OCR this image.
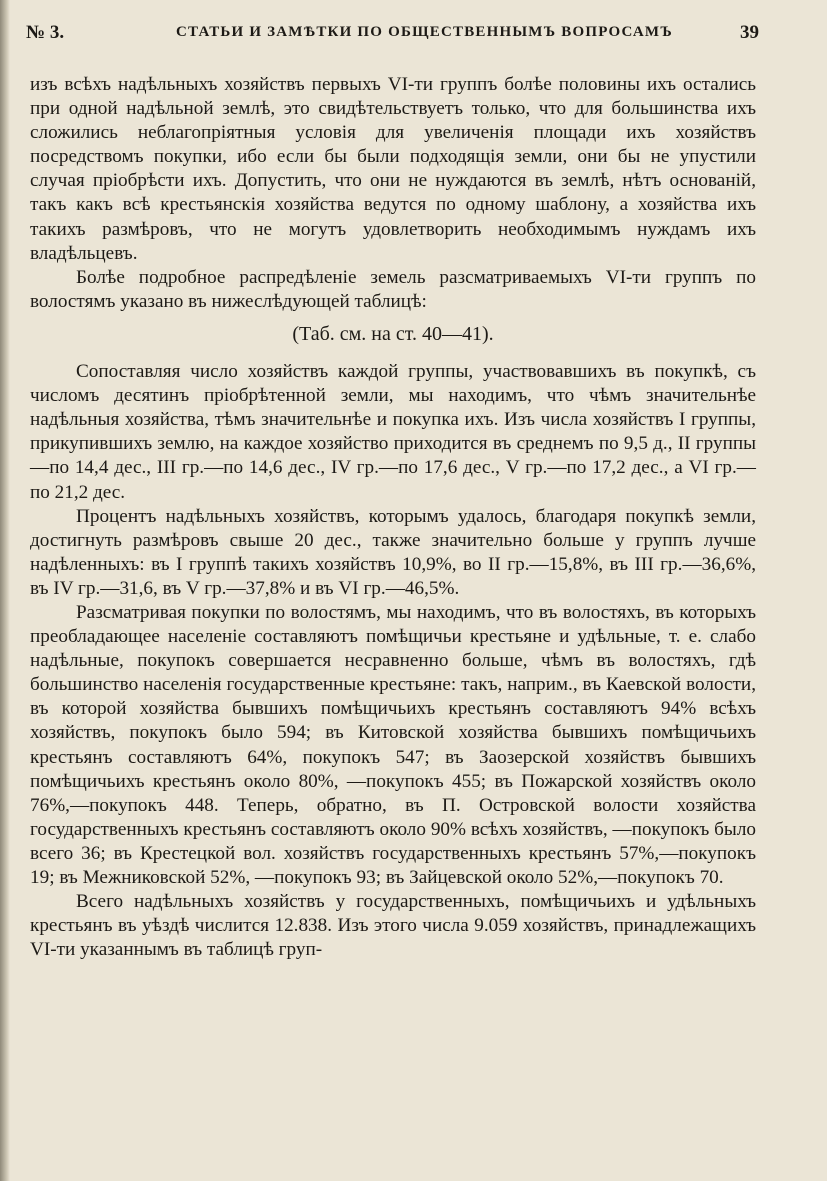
№ 3.	СТАТЬИ И ЗАМѢТКИ ПО ОБЩЕСТВЕННЫМЪ ВОПРОСАМЪ	39

изъ всѣхъ надѣльныхъ хозяйствъ первыхъ VI-ти группъ болѣе половины ихъ остались при одной надѣльной землѣ, это свидѣтельствуетъ только, что для большинства ихъ сложились неблагопріятныя условія для увеличенія площади ихъ хозяйствъ посредствомъ покупки, ибо если бы были подходящія земли, они бы не упустили случая пріобрѣсти ихъ. Допустить, что они не нуждаются въ землѣ, нѣтъ основаній, такъ какъ всѣ крестьянскія хозяйства ведутся по одному шаблону, а хозяйства ихъ такихъ размѣровъ, что не могутъ удовлетворить необходимымъ нуждамъ ихъ владѣльцевъ.

Болѣе подробное распредѣленіе земель разсматриваемыхъ VI-ти группъ по волостямъ указано въ нижеслѣдующей таблицѣ:

(Таб. см. на ст. 40—41).

Сопоставляя число хозяйствъ каждой группы, участвовавшихъ въ покупкѣ, съ числомъ десятинъ пріобрѣтенной земли, мы находимъ, что чѣмъ значительнѣе надѣльныя хозяйства, тѣмъ значительнѣе и покупка ихъ. Изъ числа хозяйствъ I группы, прикупившихъ землю, на каждое хозяйство приходится въ среднемъ по 9,5 д., II группы—по 14,4 дес., III гр.—по 14,6 дес., IV гр.—по 17,6 дес., V гр.—по 17,2 дес., а VI гр.—по 21,2 дес.

Процентъ надѣльныхъ хозяйствъ, которымъ удалось, благодаря покупкѣ земли, достигнуть размѣровъ свыше 20 дес., также значительно больше у группъ лучше надѣленныхъ: въ I группѣ такихъ хозяйствъ 10,9%, во II гр.—15,8%, въ III гр.—36,6%, въ IV гр.—31,6, въ V гр.—37,8% и въ VI гр.—46,5%.

Разсматривая покупки по волостямъ, мы находимъ, что въ волостяхъ, въ которыхъ преобладающее населеніе составляютъ помѣщичьи крестьяне и удѣльные, т. е. слабо надѣльные, покупокъ совершается несравненно больше, чѣмъ въ волостяхъ, гдѣ большинство населенія государственные крестьяне: такъ, наприм., въ Каевской волости, въ которой хозяйства бывшихъ помѣщичьихъ крестьянъ составляютъ 94% всѣхъ хозяйствъ, покупокъ было 594; въ Китовской хозяйства бывшихъ помѣщичьихъ крестьянъ составляютъ 64%, покупокъ 547; въ Заозерской хозяйствъ бывшихъ помѣщичьихъ крестьянъ около 80%, —покупокъ 455; въ Пожарской хозяйствъ около 76%,—покупокъ 448. Теперь, обратно, въ П. Островской волости хозяйства государственныхъ крестьянъ составляютъ около 90% всѣхъ хозяйствъ, —покупокъ было всего 36; въ Крестецкой вол. хозяйствъ государственныхъ крестьянъ 57%,—покупокъ 19; въ Межниковской 52%, —покупокъ 93; въ Зайцевской около 52%,—покупокъ 70.

Всего надѣльныхъ хозяйствъ у государственныхъ, помѣщичьихъ и удѣльныхъ крестьянъ въ уѣздѣ числится 12.838. Изъ этого числа 9.059 хозяйствъ, принадлежащихъ VI-ти указаннымъ въ таблицѣ груп-
